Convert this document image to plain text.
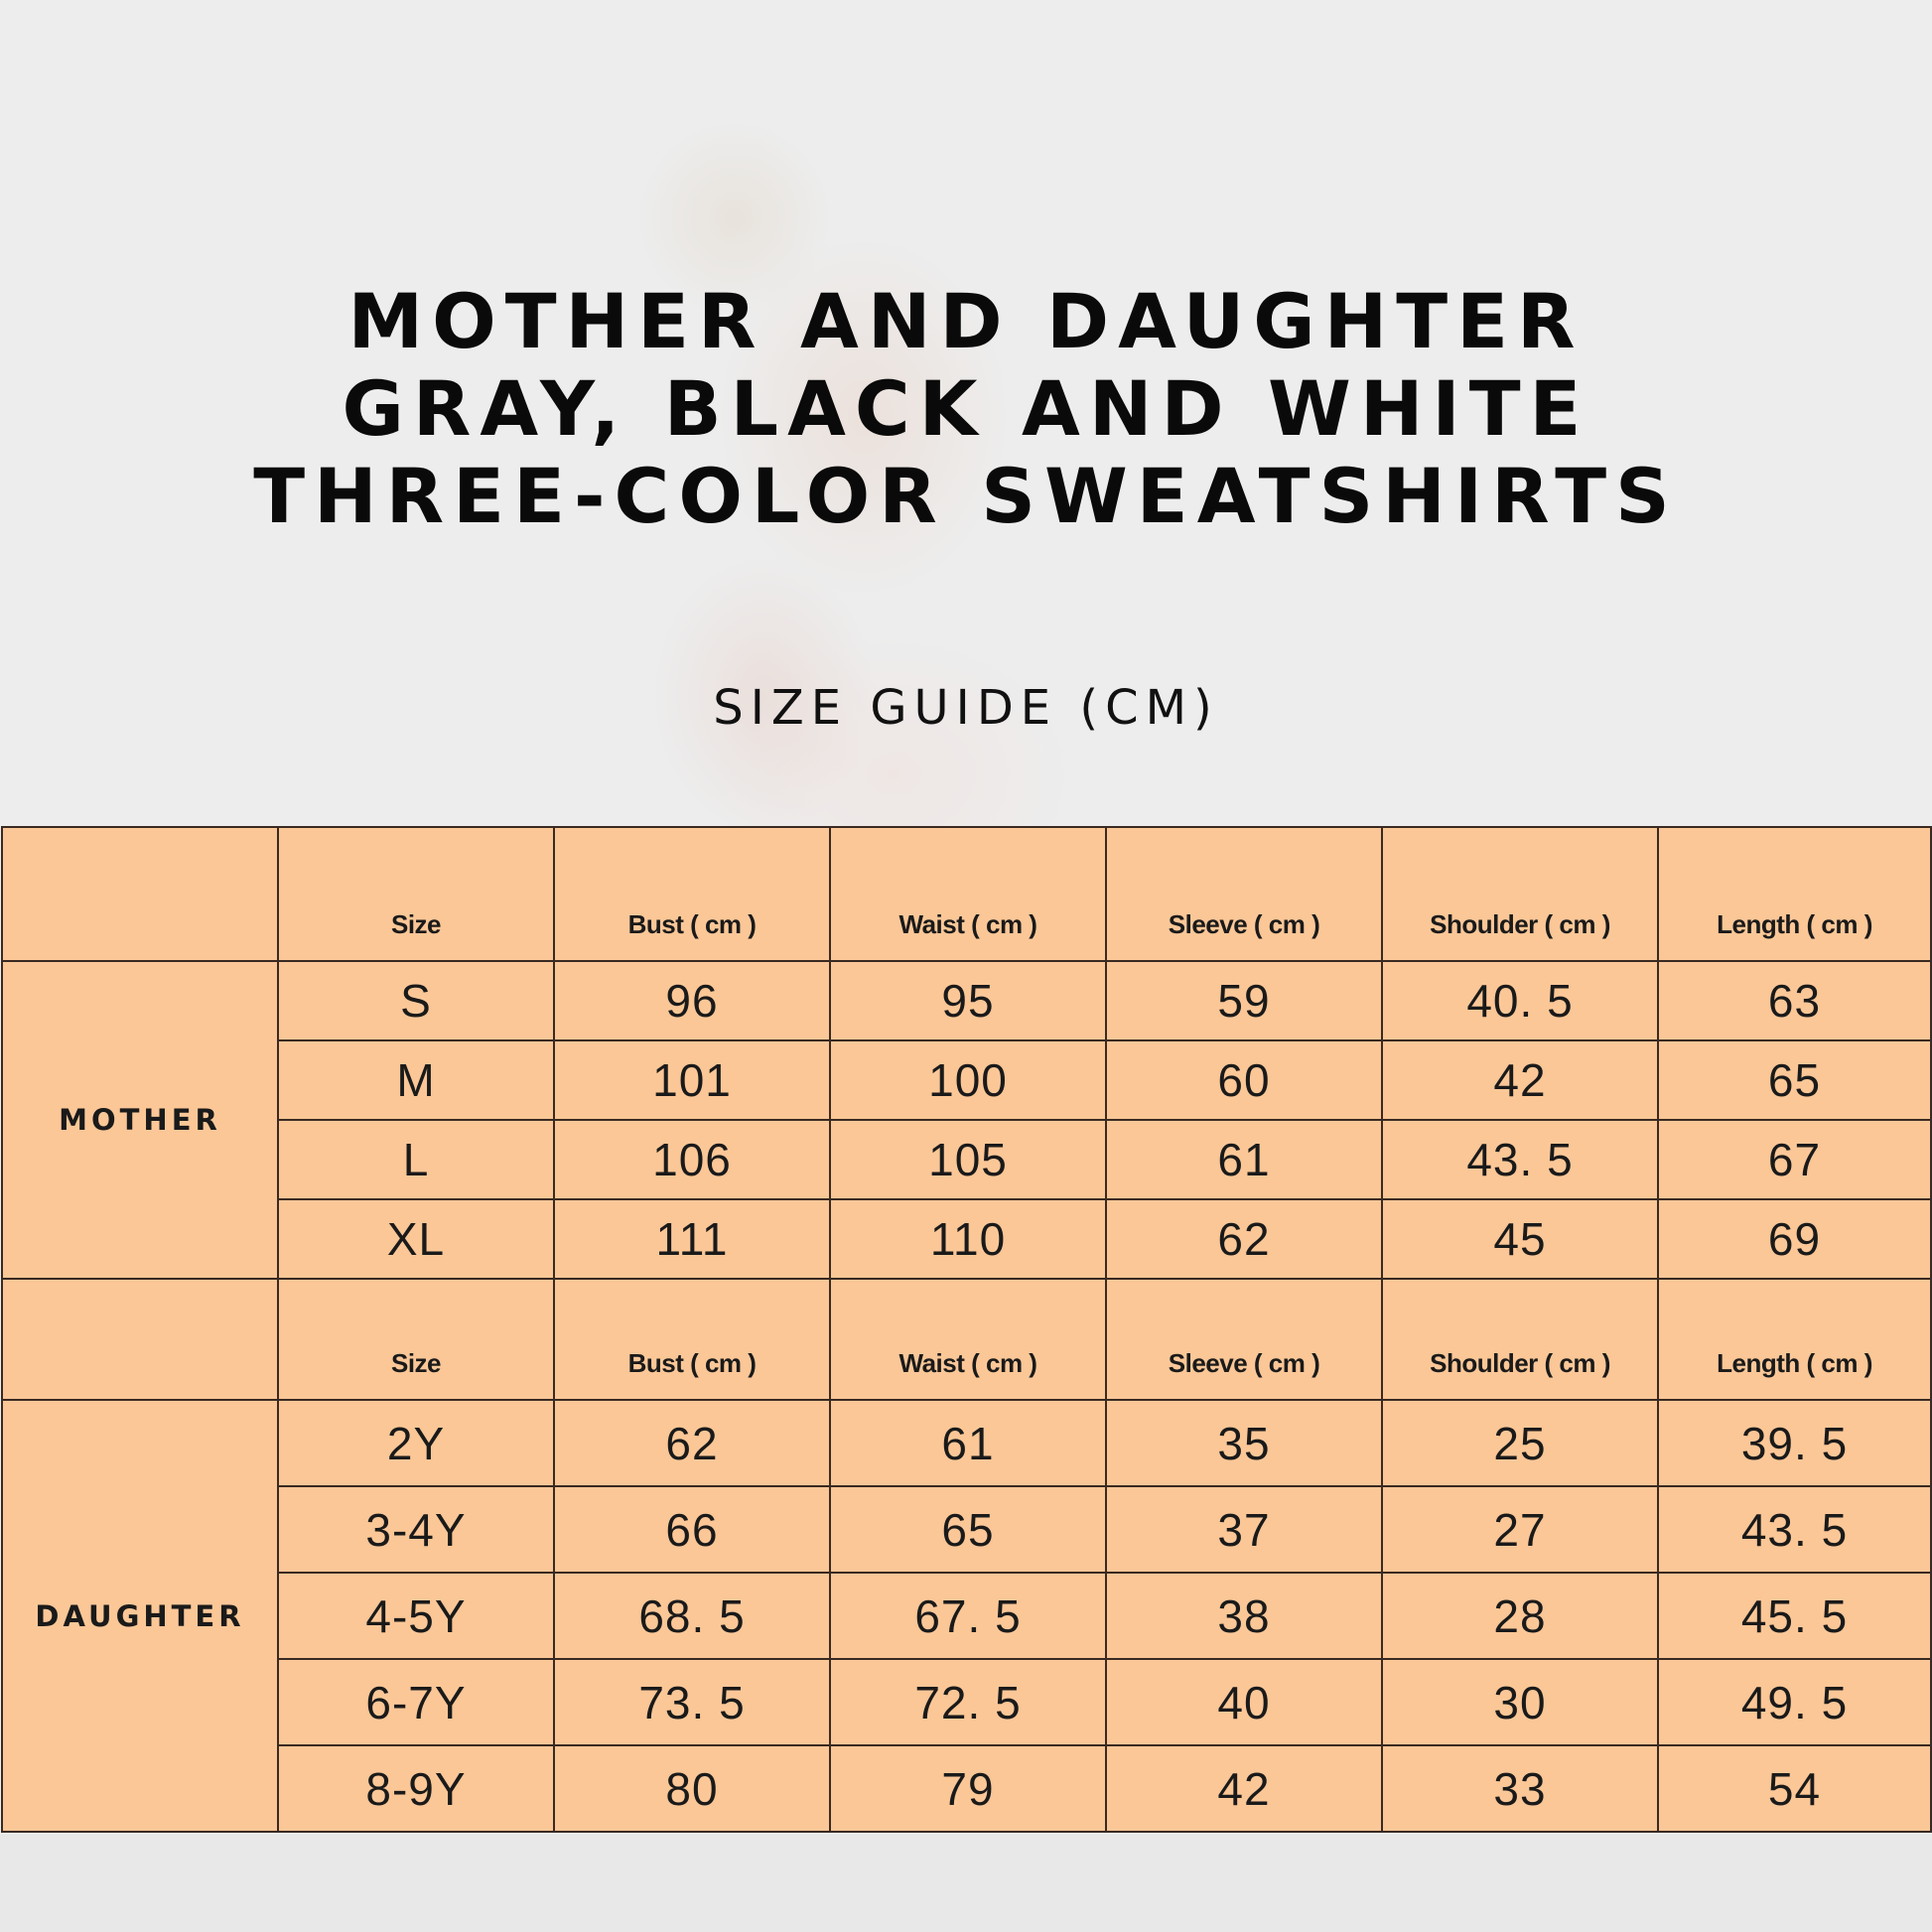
MOTHER AND DAUGHTER
GRAY, BLACK AND WHITE
THREE-COLOR SWEATSHIRTS
SIZE GUIDE (CM)
	Size	Bust ( cm )	Waist ( cm )	Sleeve ( cm )	Shoulder ( cm )	Length ( cm )
MOTHER	S	96	95	59	40. 5	63
	M	101	100	60	42	65
	L	106	105	61	43. 5	67
	XL	111	110	62	45	69
	Size	Bust ( cm )	Waist ( cm )	Sleeve ( cm )	Shoulder ( cm )	Length ( cm )
DAUGHTER	2Y	62	61	35	25	39. 5
	3-4Y	66	65	37	27	43. 5
	4-5Y	68. 5	67. 5	38	28	45. 5
	6-7Y	73. 5	72. 5	40	30	49. 5
	8-9Y	80	79	42	33	54
